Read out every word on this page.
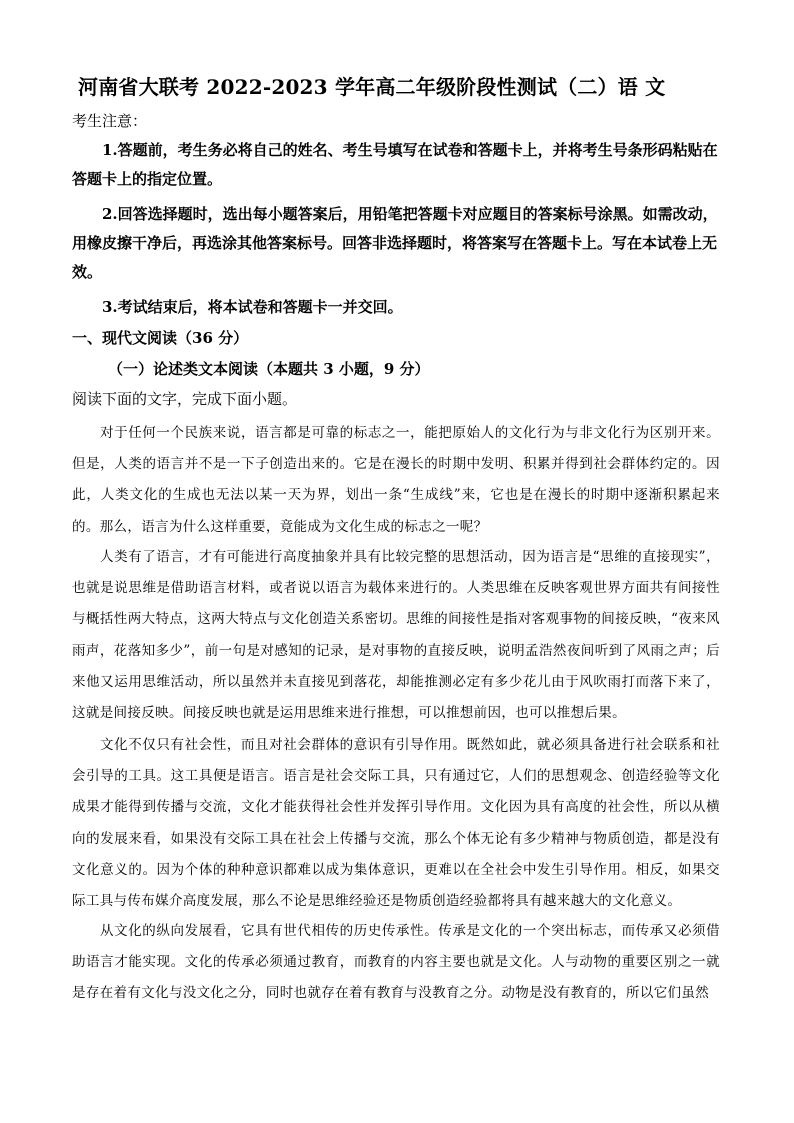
河南省大联考 2022-2023 学年高二年级阶段性测试（二）语 文
考生注意：

1.答题前，考生务必将自己的姓名、考生号填写在试卷和答题卡上，并将考生号条形码粘贴在答题卡上的指定位置。

2.回答选择题时，选出每小题答案后，用铅笔把答题卡对应题目的答案标号涂黑。如需改动，用橡皮擦干净后，再选涂其他答案标号。回答非选择题时，将答案写在答题卡上。写在本试卷上无效。

3.考试结束后，将本试卷和答题卡一并交回。

一、现代文阅读（36 分）
（一）论述类文本阅读（本题共 3 小题，9 分）
阅读下面的文字，完成下面小题。

对于任何一个民族来说，语言都是可靠的标志之一，能把原始人的文化行为与非文化行为区别开来。但是，人类的语言并不是一下子创造出来的。它是在漫长的时期中发明、积累并得到社会群体约定的。因此，人类文化的生成也无法以某一天为界，划出一条“生成线”来，它也是在漫长的时期中逐渐积累起来的。那么，语言为什么这样重要，竟能成为文化生成的标志之一呢？

人类有了语言，才有可能进行高度抽象并具有比较完整的思想活动，因为语言是“思维的直接现实”，也就是说思维是借助语言材料，或者说以语言为载体来进行的。人类思维在反映客观世界方面共有间接性与概括性两大特点，这两大特点与文化创造关系密切。思维的间接性是指对客观事物的间接反映，“夜来风雨声，花落知多少”，前一句是对感知的记录，是对事物的直接反映，说明孟浩然夜间听到了风雨之声；后来他又运用思维活动，所以虽然并未直接见到落花，却能推测必定有多少花儿由于风吹雨打而落下来了，这就是间接反映。间接反映也就是运用思维来进行推想，可以推想前因，也可以推想后果。

文化不仅只有社会性，而且对社会群体的意识有引导作用。既然如此，就必须具备进行社会联系和社会引导的工具。这工具便是语言。语言是社会交际工具，只有通过它，人们的思想观念、创造经验等文化成果才能得到传播与交流，文化才能获得社会性并发挥引导作用。文化因为具有高度的社会性，所以从横向的发展来看，如果没有交际工具在社会上传播与交流，那么个体无论有多少精神与物质创造，都是没有文化意义的。因为个体的种种意识都难以成为集体意识，更难以在全社会中发生引导作用。相反，如果交际工具与传布媒介高度发展，那么不论是思维经验还是物质创造经验都将具有越来越大的文化意义。

从文化的纵向发展看，它具有世代相传的历史传承性。传承是文化的一个突出标志，而传承又必须借助语言才能实现。文化的传承必须通过教育，而教育的内容主要也就是文化。人与动物的重要区别之一就是存在着有文化与没文化之分，同时也就存在着有教育与没教育之分。动物是没有教育的，所以它们虽然
